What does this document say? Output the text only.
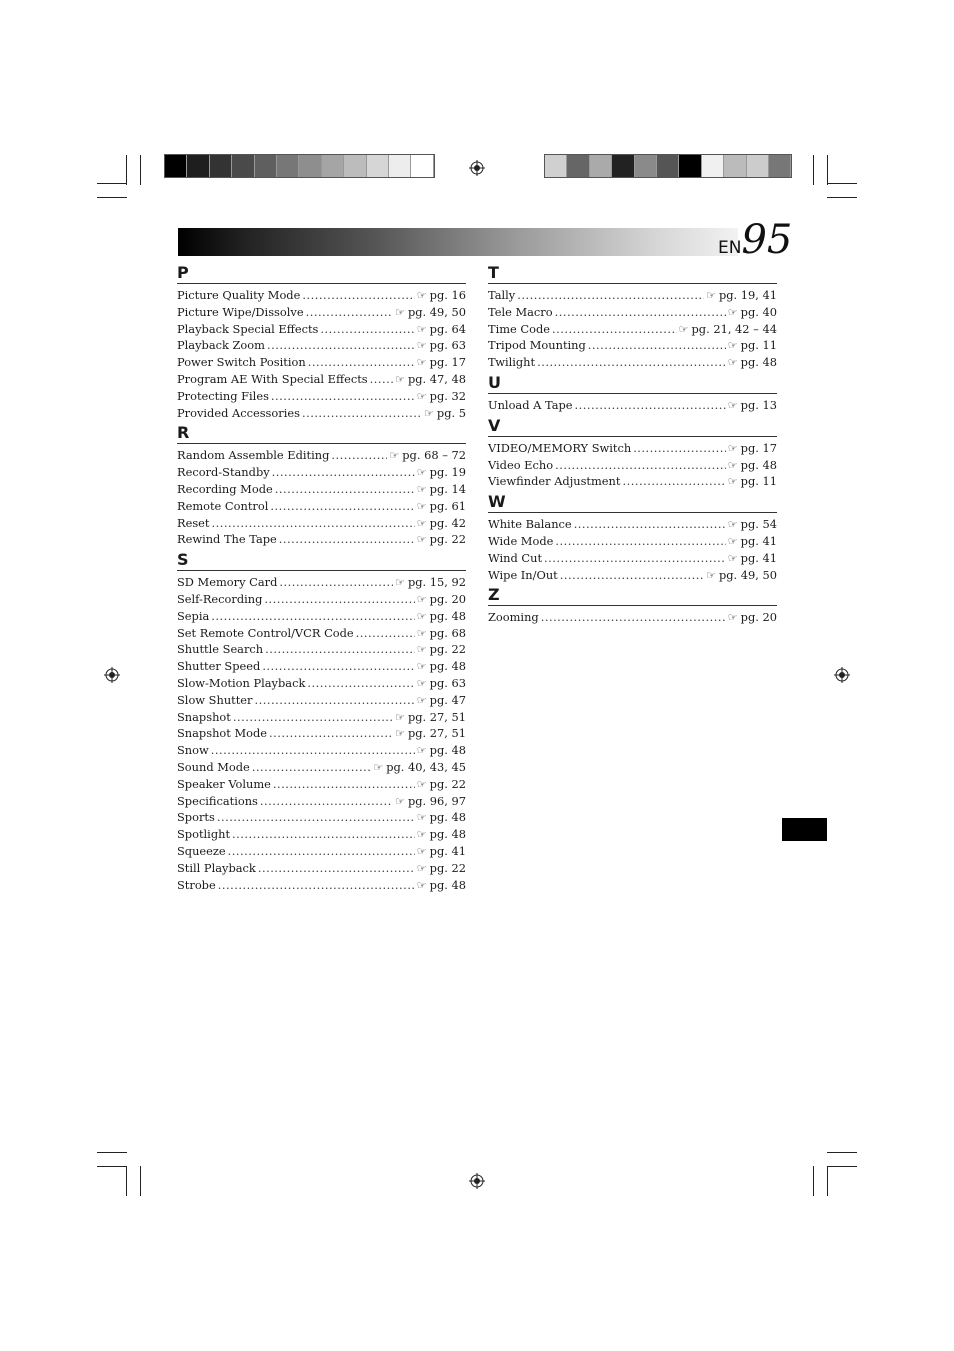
EN 95
P
Picture Quality Mode .....	☞ pg. 16
Picture Wipe/Dissolve .....	☞ pg. 49, 50
Playback Special Effects .....	☞ pg. 64
Playback Zoom .....	☞ pg. 63
Power Switch Position .....	☞ pg. 17
Program AE With Special Effects ..... ☞ pg. 47, 48
Protecting Files .....	☞ pg. 32
Provided Accessories .....	☞ pg. 5
R
Random Assemble Editing .....	☞ pg. 68 – 72
Record-Standby .....	☞ pg. 19
Recording Mode .....	☞ pg. 14
Remote Control .....	☞ pg. 61
Reset .....	☞ pg. 42
Rewind The Tape .....	☞ pg. 22
S
SD Memory Card .....	☞ pg. 15, 92
Self-Recording .....	☞ pg. 20
Sepia .....	☞ pg. 48
Set Remote Control/VCR Code .....	☞ pg. 68
Shuttle Search .....	☞ pg. 22
Shutter Speed .....	☞ pg. 48
Slow-Motion Playback .....	☞ pg. 63
Slow Shutter .....	☞ pg. 47
Snapshot .....	☞ pg. 27, 51
Snapshot Mode .....	☞ pg. 27, 51
Snow .....	☞ pg. 48
Sound Mode .....	☞ pg. 40, 43, 45
Speaker Volume .....	☞ pg. 22
Specifications .....	☞ pg. 96, 97
Sports .....	☞ pg. 48
Spotlight .....	☞ pg. 48
Squeeze .....	☞ pg. 41
Still Playback .....	☞ pg. 22
Strobe .....	☞ pg. 48
T
Tally .....	☞ pg. 19, 41
Tele Macro .....	☞ pg. 40
Time Code .....	☞ pg. 21, 42 – 44
Tripod Mounting .....	☞ pg. 11
Twilight .....	☞ pg. 48
U
Unload A Tape .....	☞ pg. 13
V
VIDEO/MEMORY Switch .....	☞ pg. 17
Video Echo .....	☞ pg. 48
Viewfinder Adjustment .....	☞ pg. 11
W
White Balance .....	☞ pg. 54
Wide Mode .....	☞ pg. 41
Wind Cut .....	☞ pg. 41
Wipe In/Out .....	☞ pg. 49, 50
Z
Zooming .....	☞ pg. 20
